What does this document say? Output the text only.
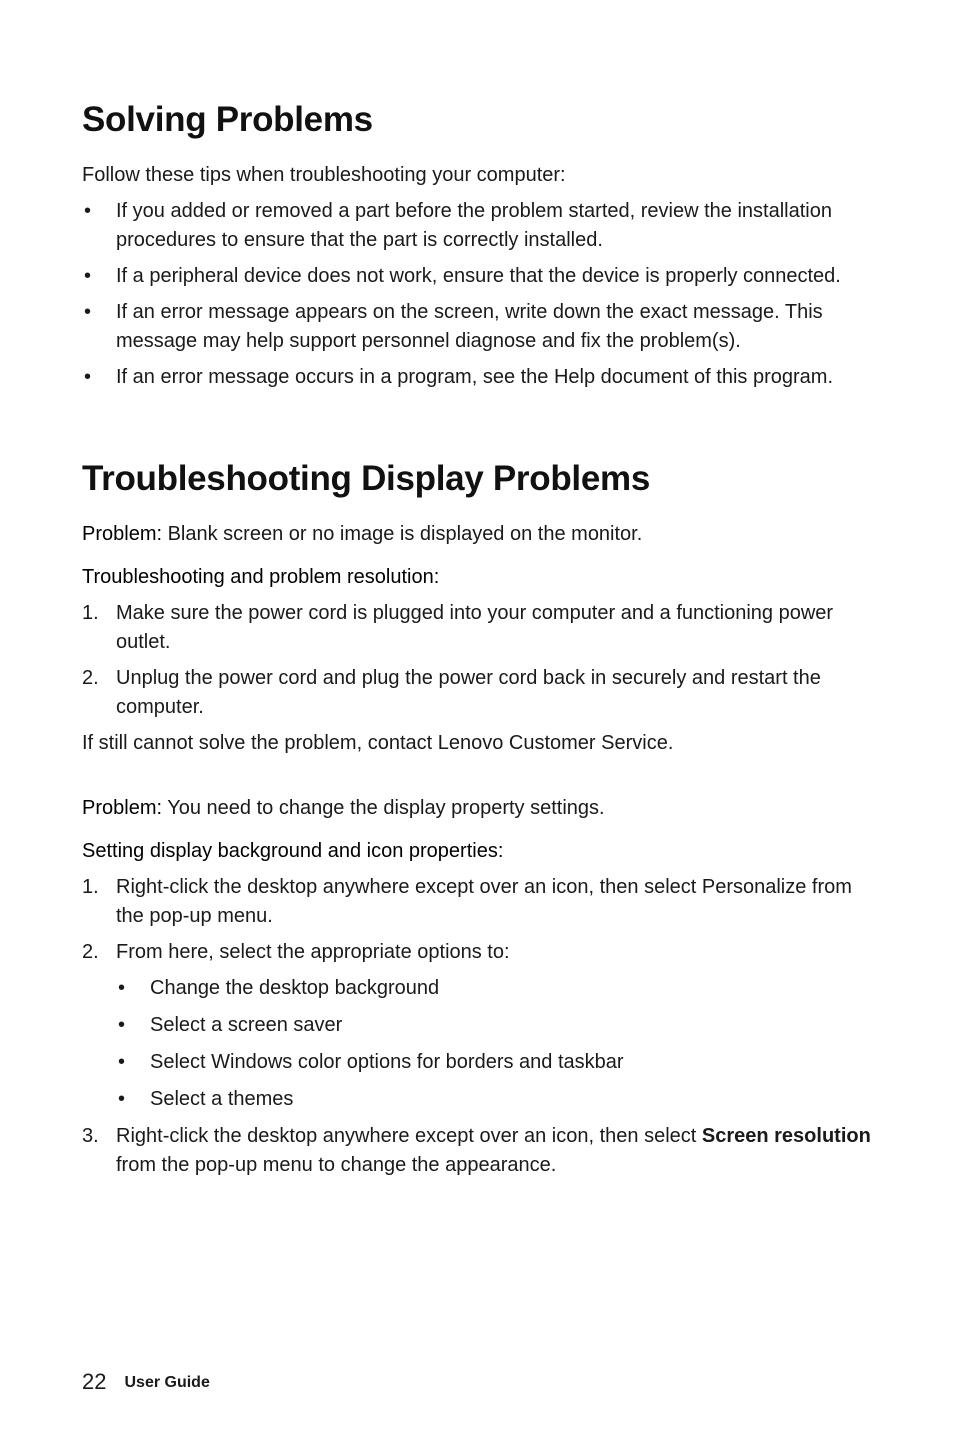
Solving Problems

Follow these tips when troubleshooting your computer:

• If you added or removed a part before the problem started, review the installation procedures to ensure that the part is correctly installed.
• If a peripheral device does not work, ensure that the device is properly connected.
• If an error message appears on the screen, write down the exact message. This message may help support personnel diagnose and fix the problem(s).
• If an error message occurs in a program, see the Help document of this program.
Troubleshooting Display Problems

Problem: Blank screen or no image is displayed on the monitor.

Troubleshooting and problem resolution:

1. Make sure the power cord is plugged into your computer and a functioning power outlet.
2. Unplug the power cord and plug the power cord back in securely and restart the computer.

If still cannot solve the problem, contact Lenovo Customer Service.

Problem: You need to change the display property settings.

Setting display background and icon properties:

1. Right-click the desktop anywhere except over an icon, then select Personalize from the pop-up menu.
2. From here, select the appropriate options to:
• Change the desktop background
• Select a screen saver
• Select Windows color options for borders and taskbar
• Select a themes
3. Right-click the desktop anywhere except over an icon, then select Screen resolution from the pop-up menu to change the appearance.
22 User Guide
